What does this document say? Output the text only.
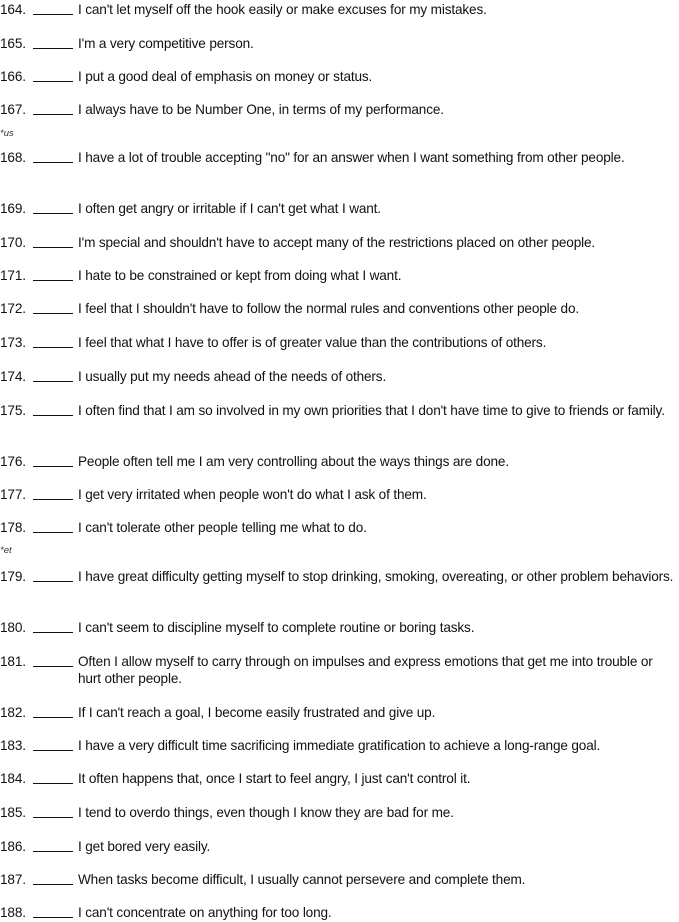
164.	I can't let myself off the hook easily or make excuses for my mistakes.
165.	I'm a very competitive person.
166.	I put a good deal of emphasis on money or status.
167.	I always have to be Number One, in terms of my performance.
*us
168.	I have a lot of trouble accepting "no" for an answer when I want something from other people.
169.	I often get angry or irritable if I can't get what I want.
170.	I'm special and shouldn't have to accept many of the restrictions placed on other people.
171.	I hate to be constrained or kept from doing what I want.
172.	I feel that I shouldn't have to follow the normal rules and conventions other people do.
173.	I feel that what I have to offer is of greater value than the contributions of others.
174.	I usually put my needs ahead of the needs of others.
175.	I often find that I am so involved in my own priorities that I don't have time to give to friends or family.
176.	People often tell me I am very controlling about the ways things are done.
177.	I get very irritated when people won't do what I ask of them.
178.	I can't tolerate other people telling me what to do.
*et
179.	I have great difficulty getting myself to stop drinking, smoking, overeating, or other problem behaviors.
180.	I can't seem to discipline myself to complete routine or boring tasks.
181.	Often I allow myself to carry through on impulses and express emotions that get me into trouble or hurt other people.
182.	If I can't reach a goal, I become easily frustrated and give up.
183.	I have a very difficult time sacrificing immediate gratification to achieve a long-range goal.
184.	It often happens that, once I start to feel angry, I just can't control it.
185.	I tend to overdo things, even though I know they are bad for me.
186.	I get bored very easily.
187.	When tasks become difficult, I usually cannot persevere and complete them.
188.	I can't concentrate on anything for too long.
